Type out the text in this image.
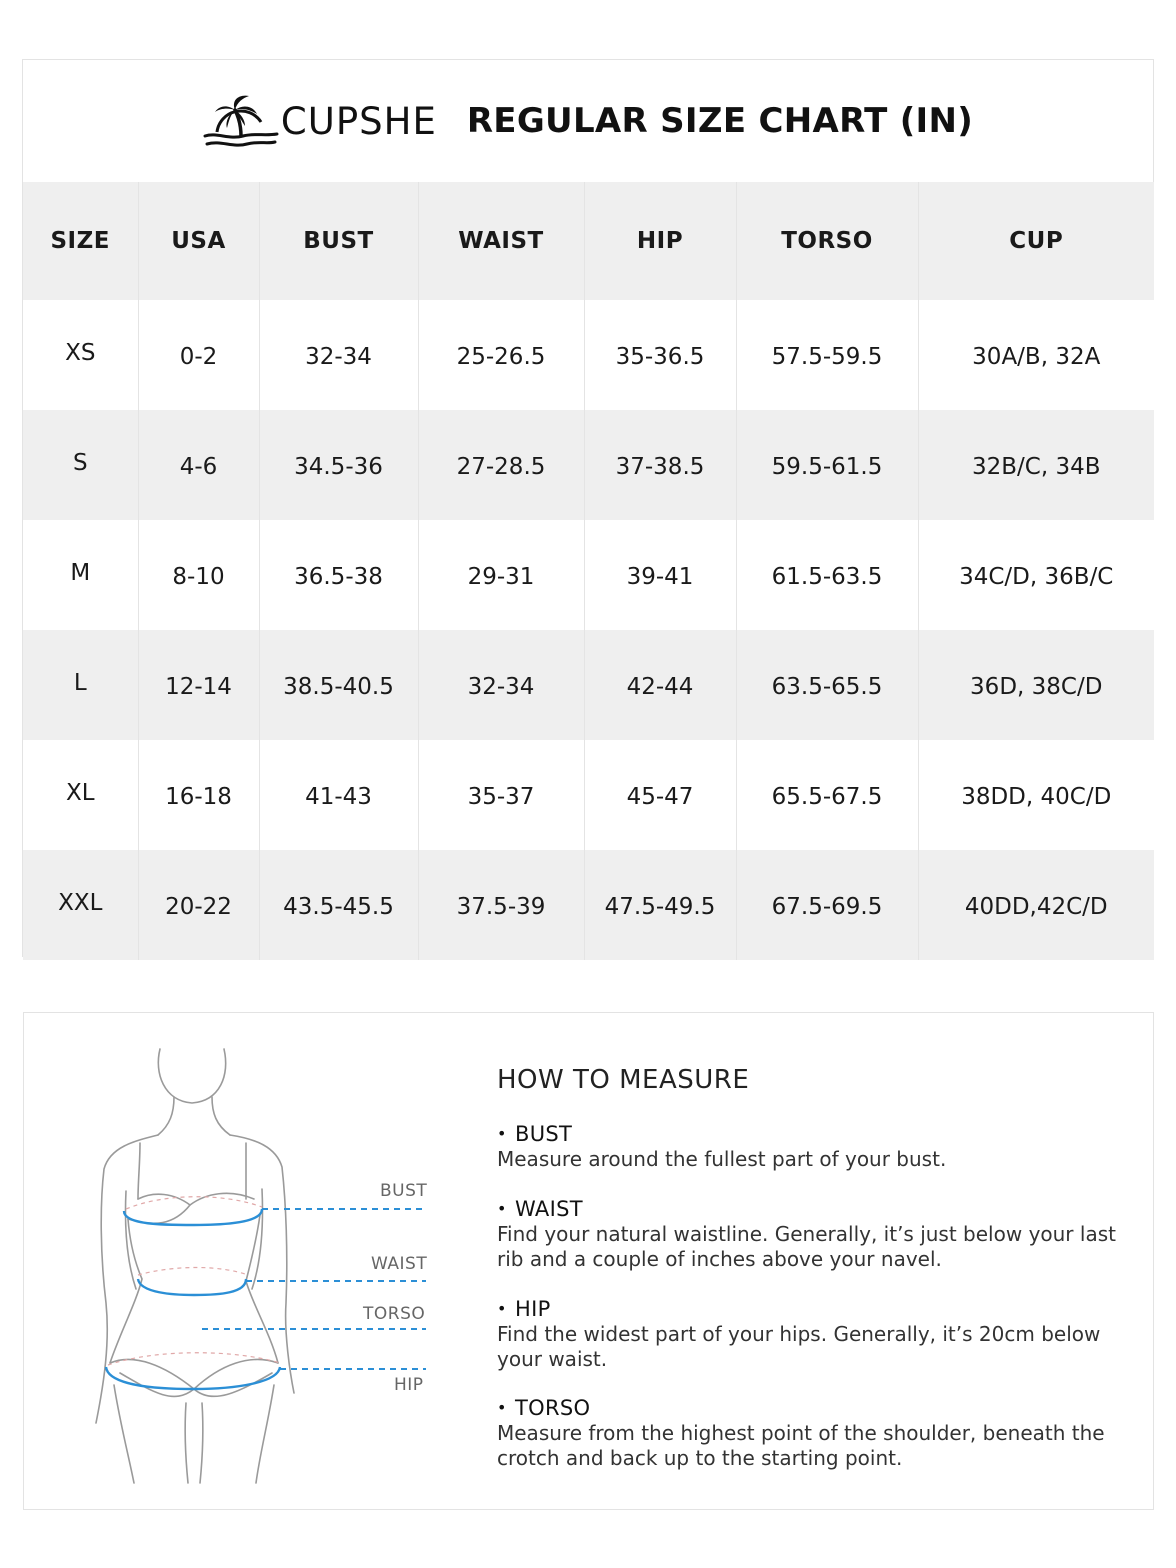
CUPSHE REGULAR SIZE CHART (IN)
SIZE	USA	BUST	WAIST	HIP	TORSO	CUP
XS	0-2	32-34	25-26.5	35-36.5	57.5-59.5	30A/B, 32A
S	4-6	34.5-36	27-28.5	37-38.5	59.5-61.5	32B/C, 34B
M	8-10	36.5-38	29-31	39-41	61.5-63.5	34C/D, 36B/C
L	12-14	38.5-40.5	32-34	42-44	63.5-65.5	36D, 38C/D
XL	16-18	41-43	35-37	45-47	65.5-67.5	38DD, 40C/D
XXL	20-22	43.5-45.5	37.5-39	47.5-49.5	67.5-69.5	40DD,42C/D
BUST
WAIST
TORSO
HIP
HOW TO MEASURE
• BUST
Measure around the fullest part of your bust.
• WAIST
Find your natural waistline. Generally, it’s just below your last rib and a couple of inches above your navel.
• HIP
Find the widest part of your hips. Generally, it’s 20cm below your waist.
• TORSO
Measure from the highest point of the shoulder, beneath the crotch and back up to the starting point.
